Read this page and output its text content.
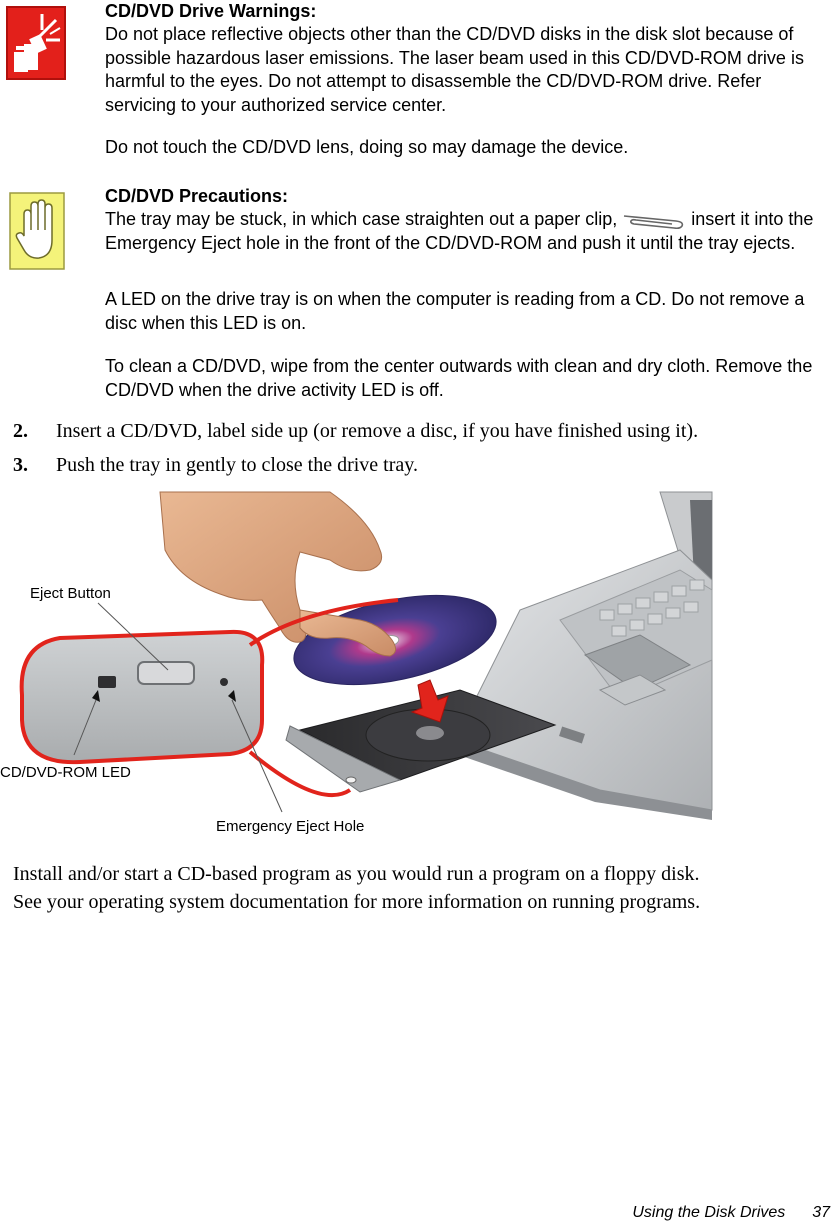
CD/DVD Drive Warnings:

Do not place reflective objects other than the CD/DVD disks in the disk slot because of possible hazardous laser emissions. The laser beam used in this CD/DVD-ROM drive is harmful to the eyes. Do not attempt to disassemble the CD/DVD-ROM drive. Refer servicing to your authorized service center.

Do not touch the CD/DVD lens, doing so may damage the device.

CD/DVD Precautions:

The tray may be stuck, in which case straighten out a paper clip,	insert it into the Emergency Eject hole in the front of the CD/DVD-ROM and push it until the tray ejects.

A LED on the drive tray is on when the computer is reading from a CD. Do not remove a disc when this LED is on.

To clean a CD/DVD, wipe from the center outwards with clean and dry cloth. Remove the CD/DVD when the drive activity LED is off.

2. Insert a CD/DVD, label side up (or remove a disc, if you have finished using it).
3. Push the tray in gently to close the drive tray.
Eject Button
CD/DVD-ROM LED
Emergency Eject Hole
Install and/or start a CD-based program as you would run a program on a floppy disk.
See your operating system documentation for more information on running programs.
Using the Disk Drives 37
